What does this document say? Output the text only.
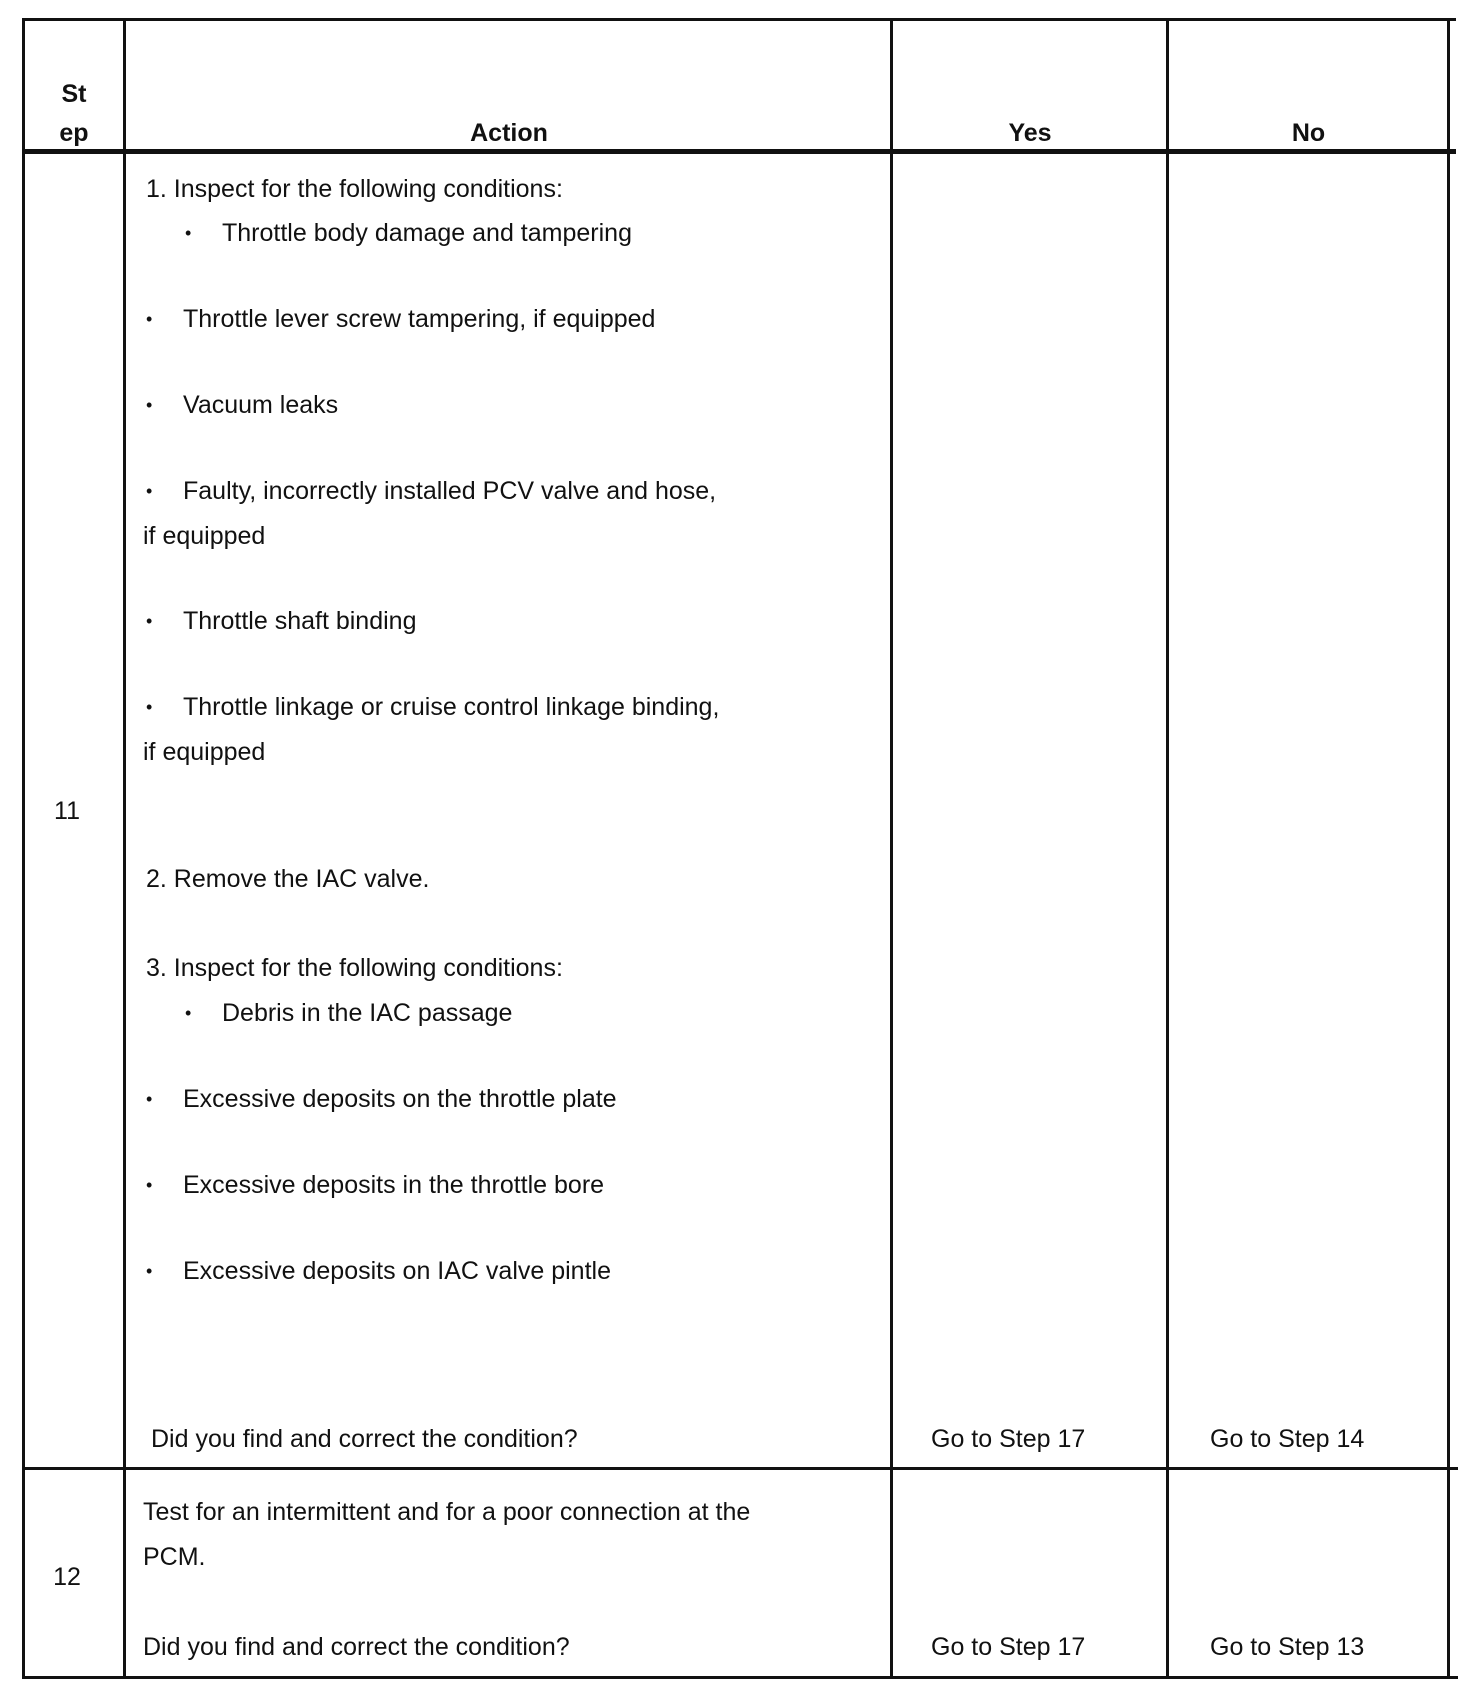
St
ep	Action	Yes	No
11
1. Inspect for the following conditions:
• Throttle body damage and tampering
• Throttle lever screw tampering, if equipped
• Vacuum leaks
• Faulty, incorrectly installed PCV valve and hose,
if equipped
• Throttle shaft binding
• Throttle linkage or cruise control linkage binding,
if equipped
2. Remove the IAC valve.
3. Inspect for the following conditions:
• Debris in the IAC passage
• Excessive deposits on the throttle plate
• Excessive deposits in the throttle bore
• Excessive deposits on IAC valve pintle
Did you find and correct the condition?	Go to Step 17	Go to Step 14
12
Test for an intermittent and for a poor connection at the
PCM.
Did you find and correct the condition?	Go to Step 17	Go to Step 13
